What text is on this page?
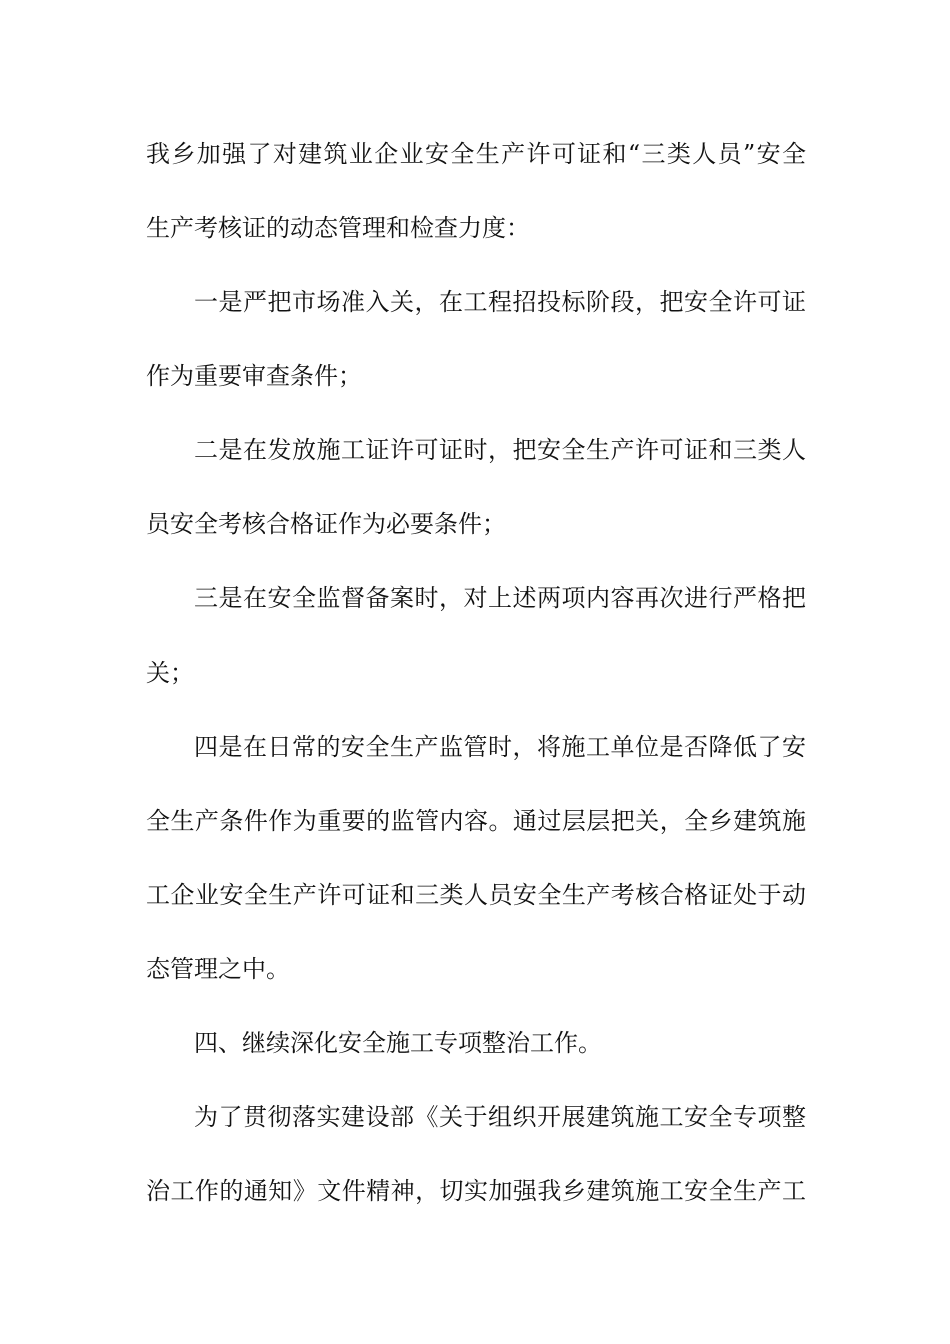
我乡加强了对建筑业企业安全生产许可证和“三类人员”安全
生产考核证的动态管理和检查力度：
一是严把市场准入关，在工程招投标阶段，把安全许可证
作为重要审查条件；
二是在发放施工证许可证时，把安全生产许可证和三类人
员安全考核合格证作为必要条件；
三是在安全监督备案时，对上述两项内容再次进行严格把
关；
四是在日常的安全生产监管时，将施工单位是否降低了安
全生产条件作为重要的监管内容。通过层层把关，全乡建筑施
工企业安全生产许可证和三类人员安全生产考核合格证处于动
态管理之中。
四、继续深化安全施工专项整治工作。
为了贯彻落实建设部《关于组织开展建筑施工安全专项整
治工作的通知》文件精神，切实加强我乡建筑施工安全生产工
